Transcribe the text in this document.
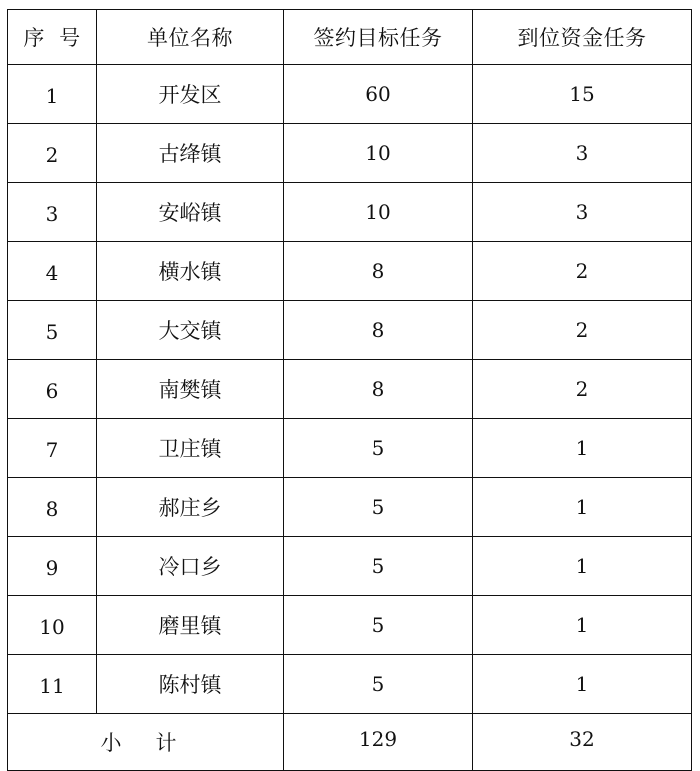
序  号	单位名称	签约目标任务	到位资金任务
1	开发区	60	15
2	古绛镇	10	3
3	安峪镇	10	3
4	横水镇	8	2
5	大交镇	8	2
6	南樊镇	8	2
7	卫庄镇	5	1
8	郝庄乡	5	1
9	冷口乡	5	1
10	磨里镇	5	1
11	陈村镇	5	1
小计		129	32
